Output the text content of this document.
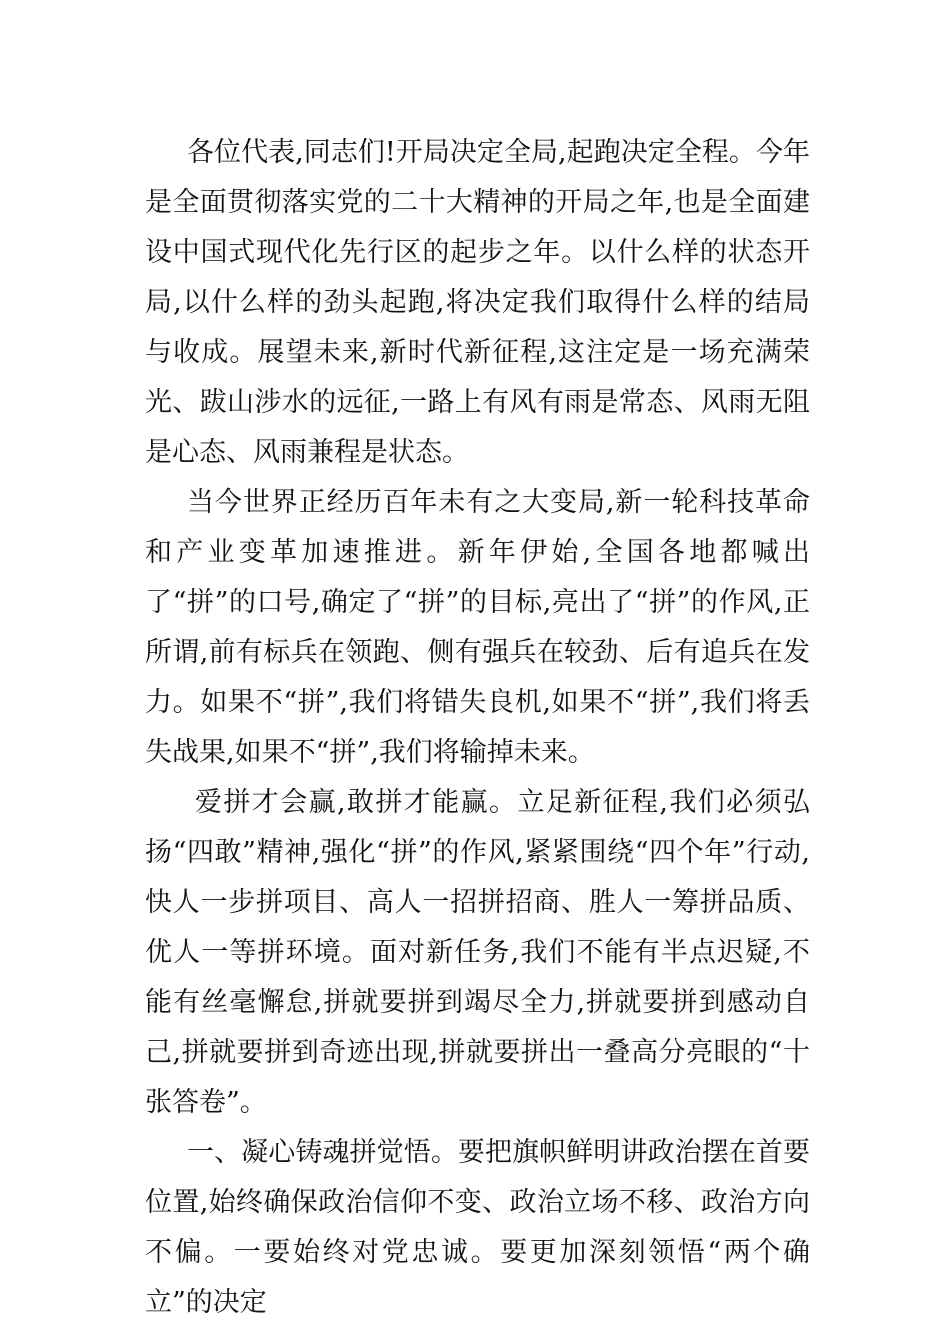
各位代表,同志们!开局决定全局,起跑决定全程。今年是全面贯彻落实党的二十大精神的开局之年,也是全面建设中国式现代化先行区的起步之年。以什么样的状态开局,以什么样的劲头起跑,将决定我们取得什么样的结局与收成。展望未来,新时代新征程,这注定是一场充满荣光、跋山涉水的远征,一路上有风有雨是常态、风雨无阻是心态、风雨兼程是状态。

当今世界正经历百年未有之大变局,新一轮科技革命和产业变革加速推进。新年伊始,全国各地都喊出了“拼”的口号,确定了“拼”的目标,亮出了“拼”的作风,正所谓,前有标兵在领跑、侧有强兵在较劲、后有追兵在发力。如果不“拼”,我们将错失良机,如果不“拼”,我们将丢失战果,如果不“拼”,我们将输掉未来。

爱拼才会赢,敢拼才能赢。立足新征程,我们必须弘扬“四敢”精神,强化“拼”的作风,紧紧围绕“四个年”行动,快人一步拼项目、高人一招拼招商、胜人一筹拼品质、优人一等拼环境。面对新任务,我们不能有半点迟疑,不能有丝毫懈怠,拼就要拼到竭尽全力,拼就要拼到感动自己,拼就要拼到奇迹出现,拼就要拼出一叠高分亮眼的“十张答卷”。

一、凝心铸魂拼觉悟。要把旗帜鲜明讲政治摆在首要位置,始终确保政治信仰不变、政治立场不移、政治方向不偏。一要始终对党忠诚。要更加深刻领悟“两个确立”的决定
